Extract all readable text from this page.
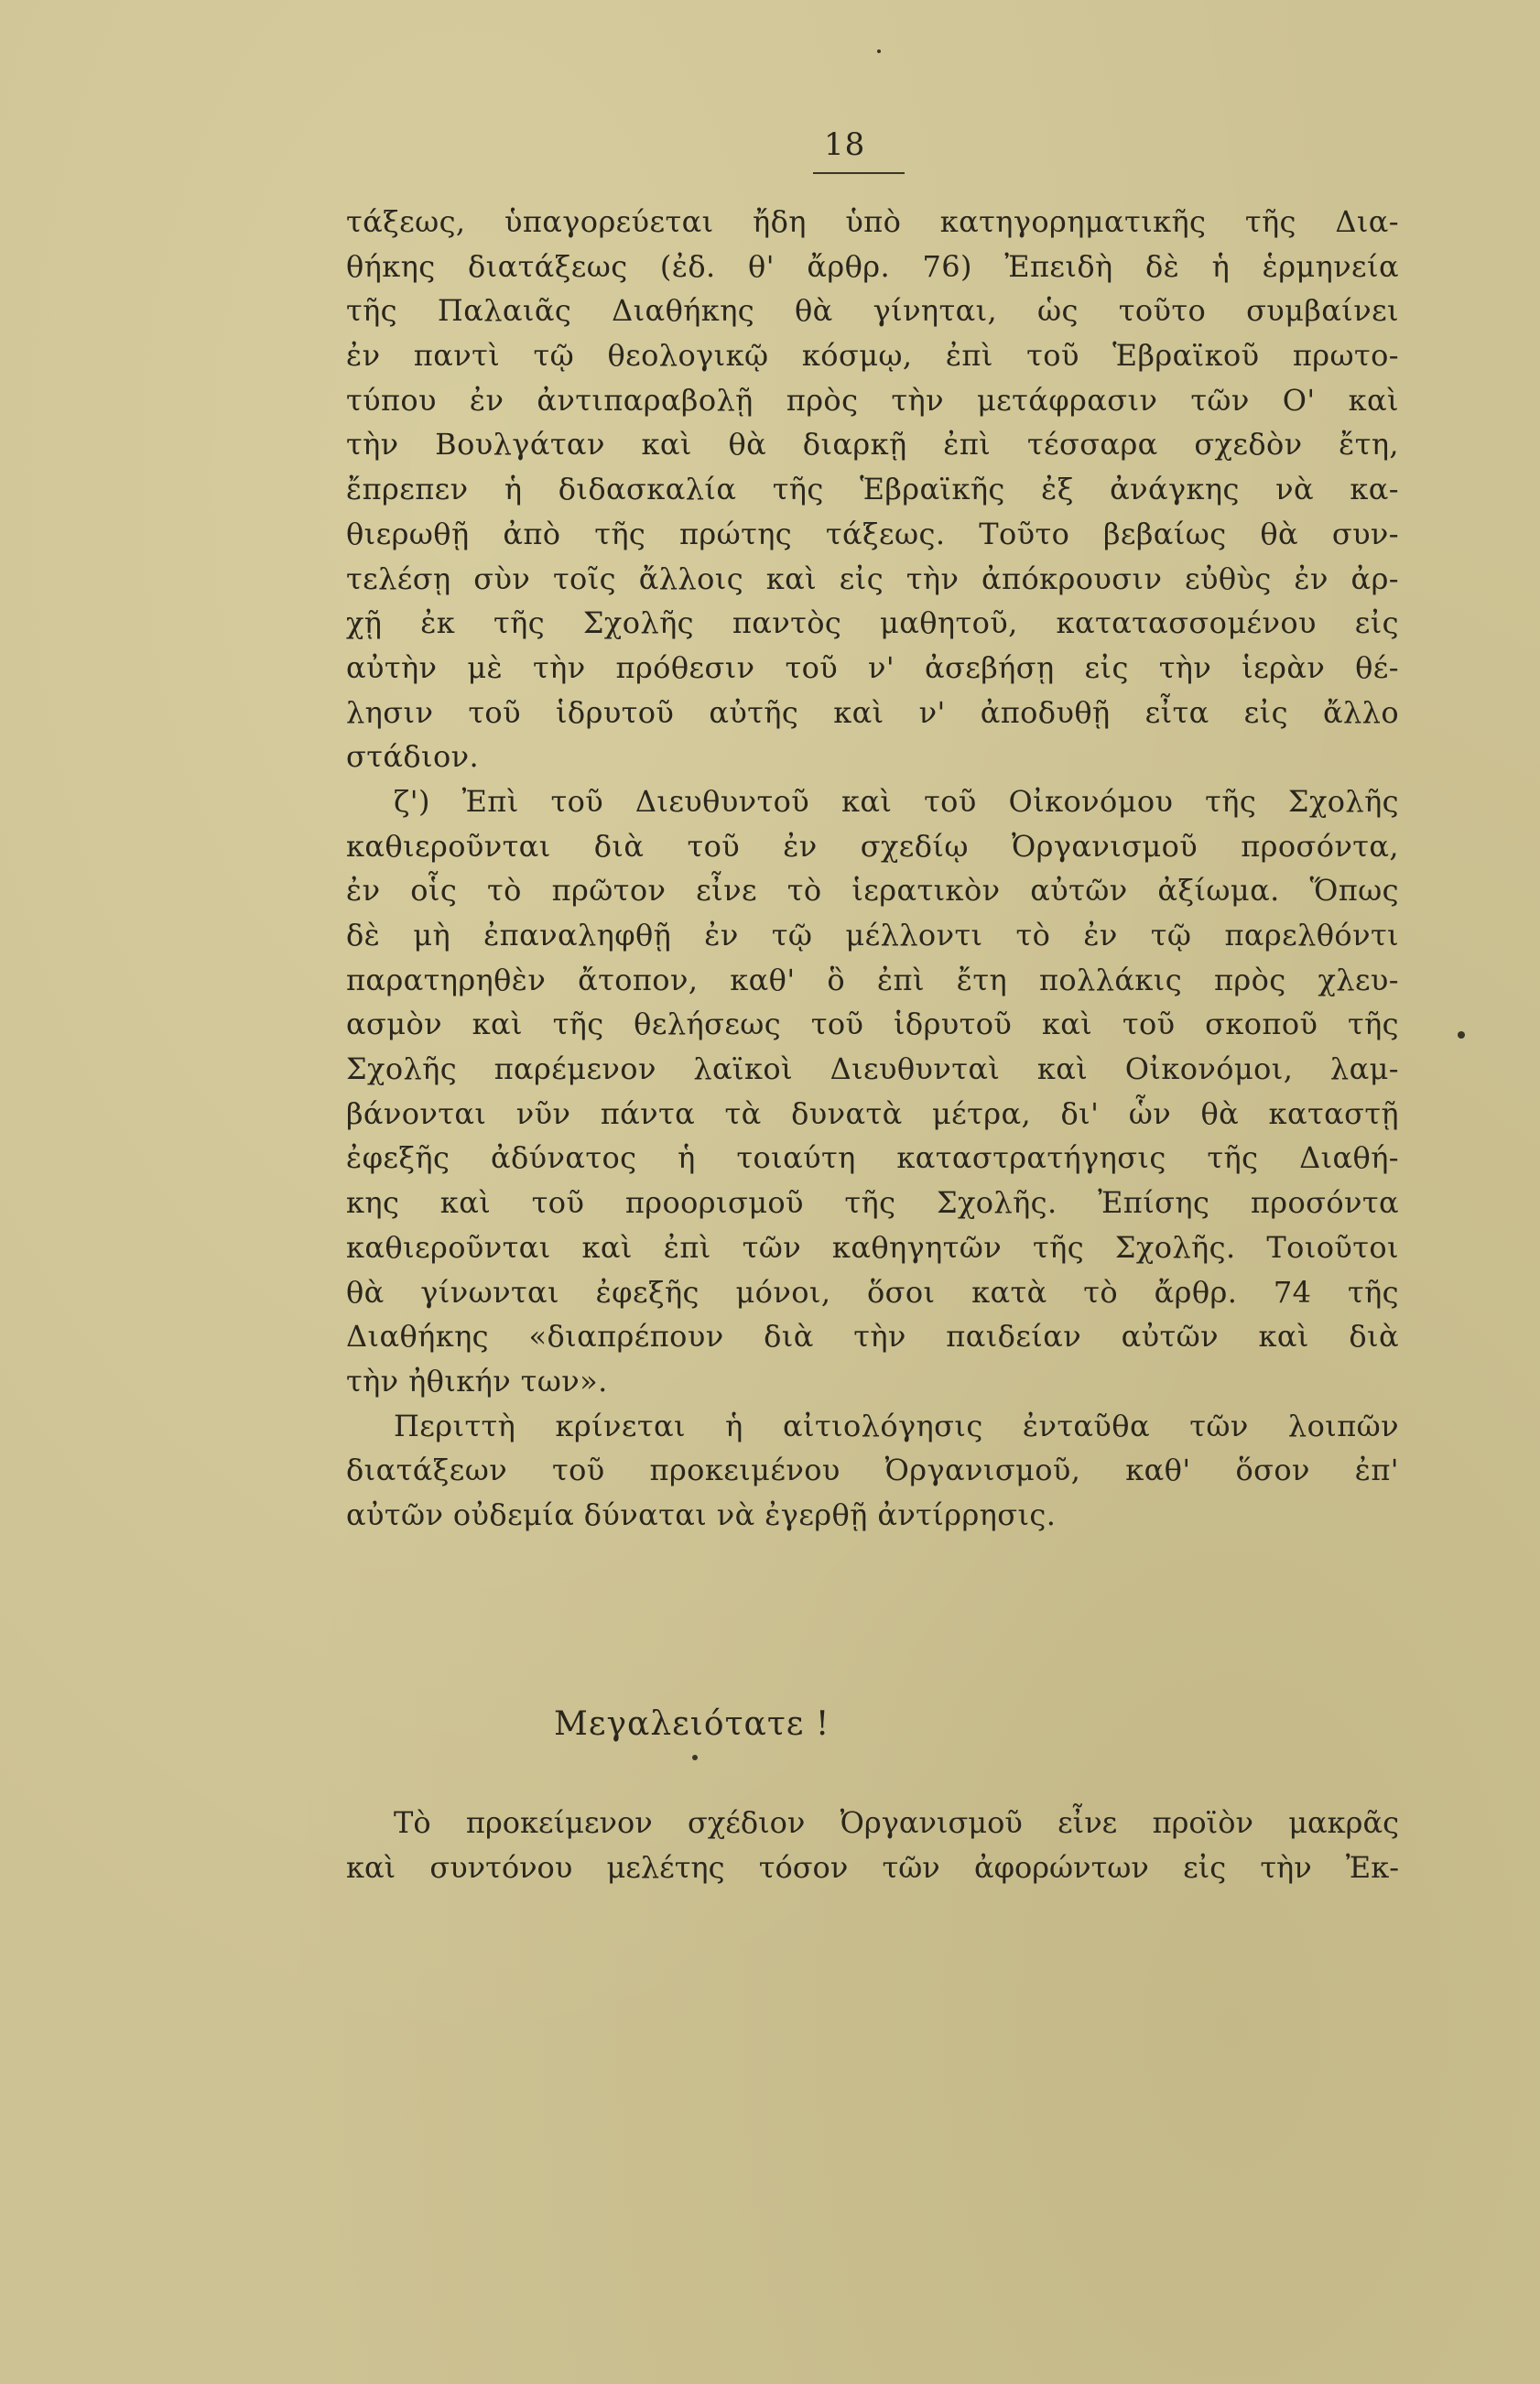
18
τάξεως, ὑπαγορεύεται ἤδη ὑπὸ κατηγορηματικῆς τῆς Δια-
θήκης διατάξεως (ἐδ. θ' ἄρθρ. 76) Ἐπειδὴ δὲ ἡ ἑρμηνεία
τῆς Παλαιᾶς Διαθήκης θὰ γίνηται, ὡς τοῦτο συμβαίνει
ἐν παντὶ τῷ θεολογικῷ κόσμῳ, ἐπὶ τοῦ Ἑβραϊκοῦ πρωτο-
τύπου ἐν ἀντιπαραβολῇ πρὸς τὴν μετάφρασιν τῶν Ο' καὶ
τὴν Βουλγάταν καὶ θὰ διαρκῇ ἐπὶ τέσσαρα σχεδὸν ἔτη,
ἔπρεπεν ἡ διδασκαλία τῆς Ἑβραϊκῆς ἐξ ἀνάγκης νὰ κα-
θιερωθῇ ἀπὸ τῆς πρώτης τάξεως. Τοῦτο βεβαίως θὰ συν-
τελέσῃ σὺν τοῖς ἄλλοις καὶ εἰς τὴν ἀπόκρουσιν εὐθὺς ἐν ἀρ-
χῇ ἐκ τῆς Σχολῆς παντὸς μαθητοῦ, κατατασσομένου εἰς
αὐτὴν μὲ τὴν πρόθεσιν τοῦ ν' ἀσεβήσῃ εἰς τὴν ἱερὰν θέ-
λησιν τοῦ ἱδρυτοῦ αὐτῆς καὶ ν' ἀποδυθῇ εἶτα εἰς ἄλλο
στάδιον.
ζ') Ἐπὶ τοῦ Διευθυντοῦ καὶ τοῦ Οἰκονόμου τῆς Σχολῆς
καθιεροῦνται διὰ τοῦ ἐν σχεδίῳ Ὀργανισμοῦ προσόντα,
ἐν οἷς τὸ πρῶτον εἶνε τὸ ἱερατικὸν αὐτῶν ἀξίωμα. Ὅπως
δὲ μὴ ἐπαναληφθῇ ἐν τῷ μέλλοντι τὸ ἐν τῷ παρελθόντι
παρατηρηθὲν ἄτοπον, καθ' ὃ ἐπὶ ἔτη πολλάκις πρὸς χλευ-
ασμὸν καὶ τῆς θελήσεως τοῦ ἱδρυτοῦ καὶ τοῦ σκοποῦ τῆς
Σχολῆς παρέμενον λαϊκοὶ Διευθυνταὶ καὶ Οἰκονόμοι, λαμ-
βάνονται νῦν πάντα τὰ δυνατὰ μέτρα, δι' ὧν θὰ καταστῇ
ἐφεξῆς ἀδύνατος ἡ τοιαύτη καταστρατήγησις τῆς Διαθή-
κης καὶ τοῦ προορισμοῦ τῆς Σχολῆς. Ἐπίσης προσόντα
καθιεροῦνται καὶ ἐπὶ τῶν καθηγητῶν τῆς Σχολῆς. Τοιοῦτοι
θὰ γίνωνται ἐφεξῆς μόνοι, ὅσοι κατὰ τὸ ἄρθρ. 74 τῆς
Διαθήκης «διαπρέπουν διὰ τὴν παιδείαν αὐτῶν καὶ διὰ
τὴν ἠθικήν των».
Περιττὴ κρίνεται ἡ αἰτιολόγησις ἐνταῦθα τῶν λοιπῶν
διατάξεων τοῦ προκειμένου Ὀργανισμοῦ, καθ' ὅσον ἐπ'
αὐτῶν οὐδεμία δύναται νὰ ἐγερθῇ ἀντίρρησις.
Μεγαλειότατε !
Τὸ προκείμενον σχέδιον Ὀργανισμοῦ εἶνε προϊὸν μακρᾶς
καὶ συντόνου μελέτης τόσον τῶν ἀφορώντων εἰς τὴν Ἐκ-
